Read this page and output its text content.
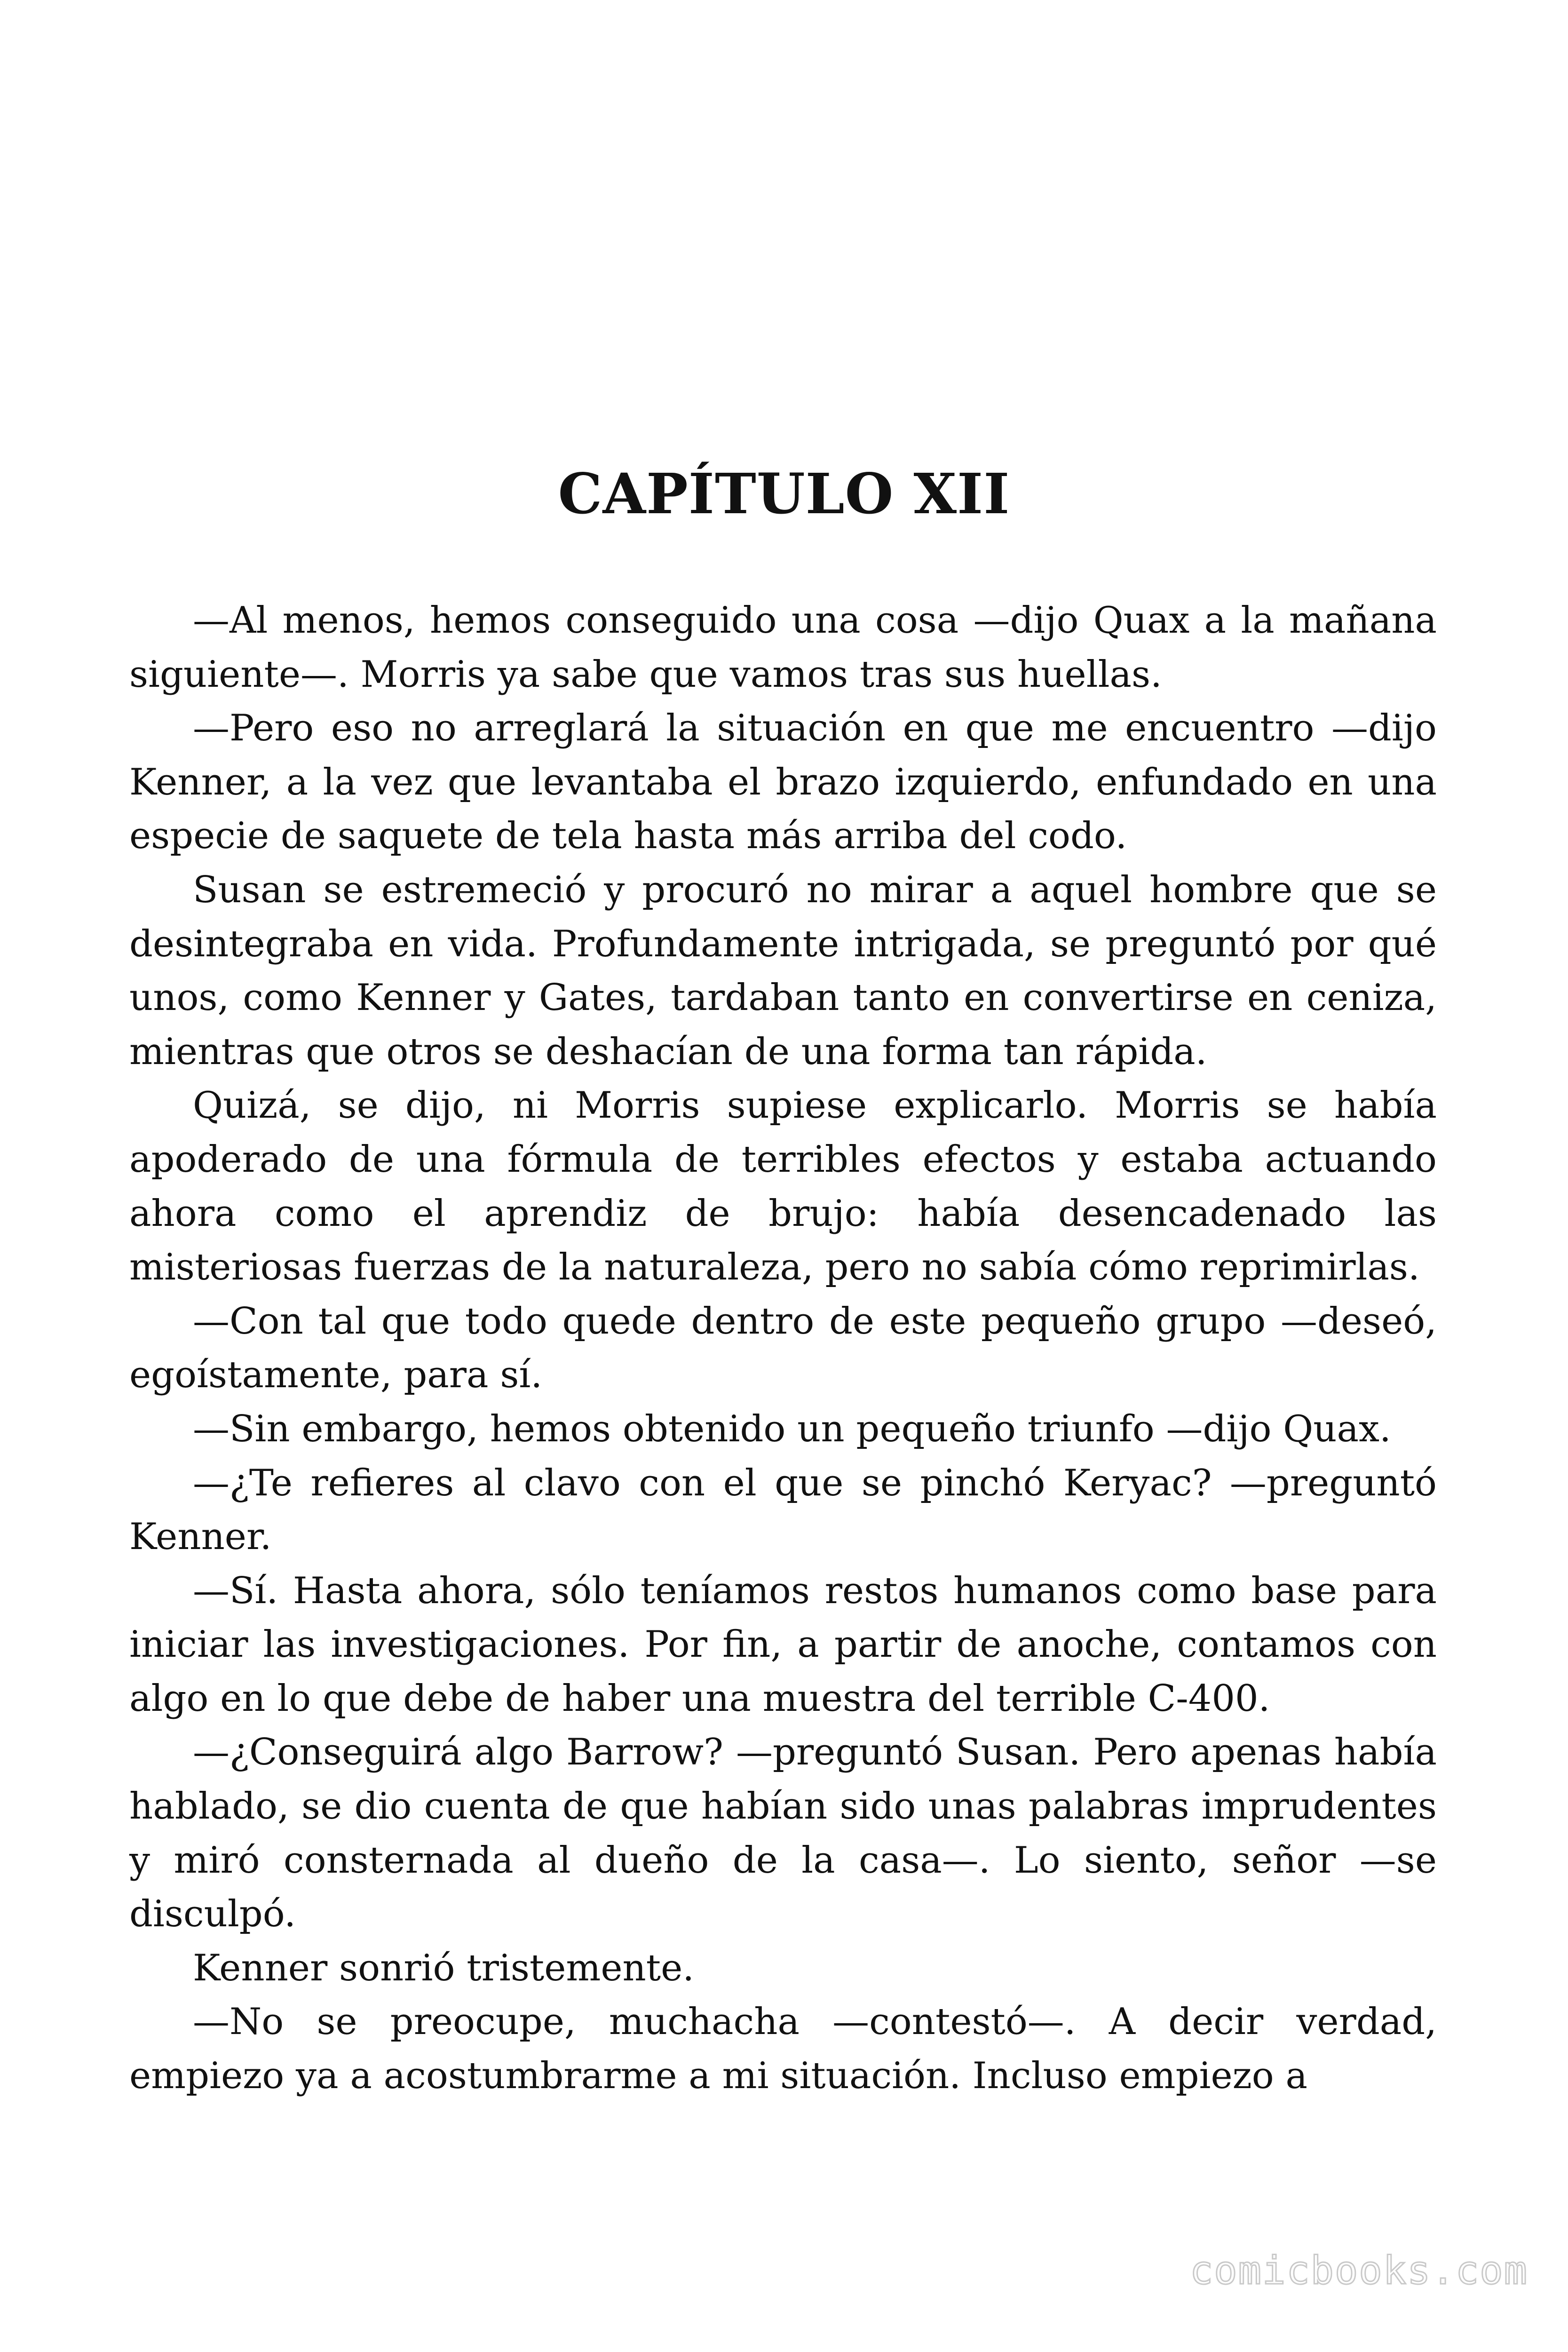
CAPÍTULO XII

—Al menos, hemos conseguido una cosa —dijo Quax a la mañana siguiente—. Morris ya sabe que vamos tras sus huellas.

—Pero eso no arreglará la situación en que me encuentro —dijo Kenner, a la vez que levantaba el brazo izquierdo, enfundado en una especie de saquete de tela hasta más arriba del codo.

Susan se estremeció y procuró no mirar a aquel hombre que se desintegraba en vida. Profundamente intrigada, se preguntó por qué unos, como Kenner y Gates, tardaban tanto en convertirse en ceniza, mientras que otros se deshacían de una forma tan rápida.

Quizá, se dijo, ni Morris supiese explicarlo. Morris se había apoderado de una fórmula de terribles efectos y estaba actuando ahora como el aprendiz de brujo: había desencadenado las misteriosas fuerzas de la naturaleza, pero no sabía cómo reprimirlas.

—Con tal que todo quede dentro de este pequeño grupo —deseó, egoístamente, para sí.

—Sin embargo, hemos obtenido un pequeño triunfo —dijo Quax.

—¿Te refieres al clavo con el que se pinchó Keryac? —preguntó Kenner.

—Sí. Hasta ahora, sólo teníamos restos humanos como base para iniciar las investigaciones. Por fin, a partir de anoche, contamos con algo en lo que debe de haber una muestra del terrible C-400.

—¿Conseguirá algo Barrow? —preguntó Susan. Pero apenas había hablado, se dio cuenta de que habían sido unas palabras imprudentes y miró consternada al dueño de la casa—. Lo siento, señor —se disculpó.

Kenner sonrió tristemente.

—No se preocupe, muchacha —contestó—. A decir verdad, empiezo ya a acostumbrarme a mi situación. Incluso empiezo a

comicbooks.com
